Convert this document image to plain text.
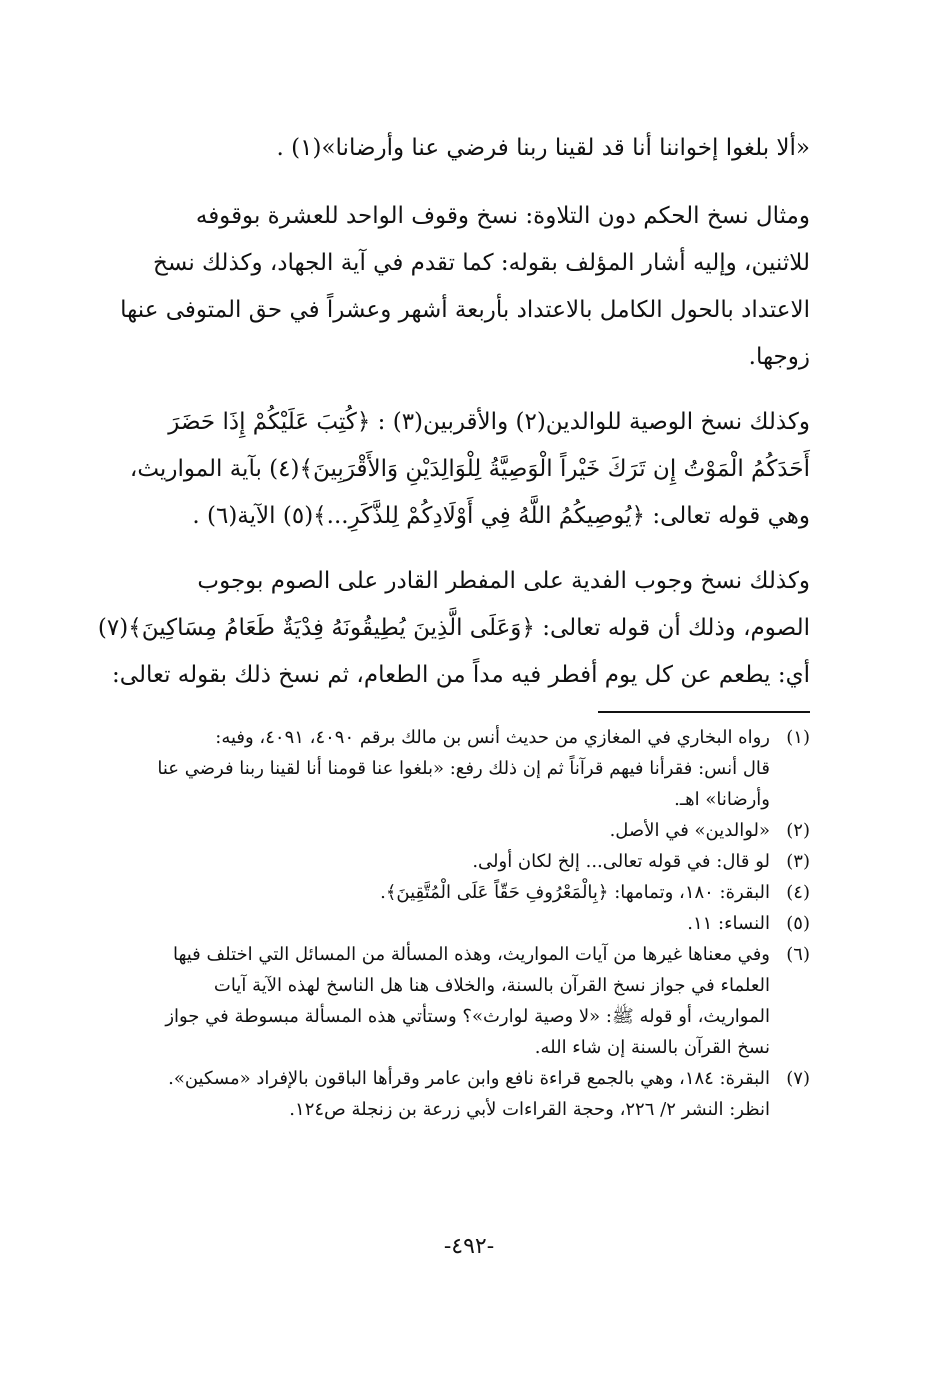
«ألا بلغوا إخواننا أنا قد لقينا ربنا فرضي عنا وأرضانا»(١) .
ومثال نسخ الحكم دون التلاوة: نسخ وقوف الواحد للعشرة بوقوفه
للاثنين، وإليه أشار المؤلف بقوله: كما تقدم في آية الجهاد، وكذلك نسخ
الاعتداد بالحول الكامل بالاعتداد بأربعة أشهر وعشراً في حق المتوفى عنها
زوجها.
وكذلك نسخ الوصية للوالدين(٢) والأقربين(٣) : ﴿كُتِبَ عَلَيْكُمْ إِذَا حَضَرَ
أَحَدَكُمُ الْمَوْتُ إِن تَرَكَ خَيْراً الْوَصِيَّةُ لِلْوَالِدَيْنِ وَالأَقْرَبِينَ﴾(٤) بآية المواريث،
وهي قوله تعالى: ﴿يُوصِيكُمُ اللَّهُ فِي أَوْلَادِكُمْ لِلذَّكَرِ...﴾(٥) الآية(٦) .
وكذلك نسخ وجوب الفدية على المفطر القادر على الصوم بوجوب
الصوم، وذلك أن قوله تعالى: ﴿وَعَلَى الَّذِينَ يُطِيقُونَهُ فِدْيَةٌ طَعَامُ مِسَاكِينَ﴾(٧)
أي: يطعم عن كل يوم أفطر فيه مداً من الطعام، ثم نسخ ذلك بقوله تعالى:
(١)
رواه البخاري في المغازي من حديث أنس بن مالك برقم ٤٠٩٠، ٤٠٩١، وفيه:
قال أنس: فقرأنا فيهم قرآناً ثم إن ذلك رفع: «بلغوا عنا قومنا أنا لقينا ربنا فرضي عنا
وأرضانا» اهـ.
(٢)
«لوالدين» في الأصل.
(٣)
لو قال: في قوله تعالى... إلخ لكان أولى.
(٤)
البقرة: ١٨٠، وتمامها: ﴿بِالْمَعْرُوفِ حَقّاً عَلَى الْمُتَّقِينَ﴾.
(٥)
النساء: ١١.
(٦)
وفي معناها غيرها من آيات المواريث، وهذه المسألة من المسائل التي اختلف فيها
العلماء في جواز نسخ القرآن بالسنة، والخلاف هنا هل الناسخ لهذه الآية آيات
المواريث، أو قوله ﷺ: «لا وصية لوارث»؟ وستأتي هذه المسألة مبسوطة في جواز
نسخ القرآن بالسنة إن شاء الله.
(٧)
البقرة: ١٨٤، وهي بالجمع قراءة نافع وابن عامر وقرأها الباقون بالإفراد «مسكين».
انظر: النشر ٢/ ٢٢٦، وحجة القراءات لأبي زرعة بن زنجلة ص١٢٤.
-٤٩٢-
